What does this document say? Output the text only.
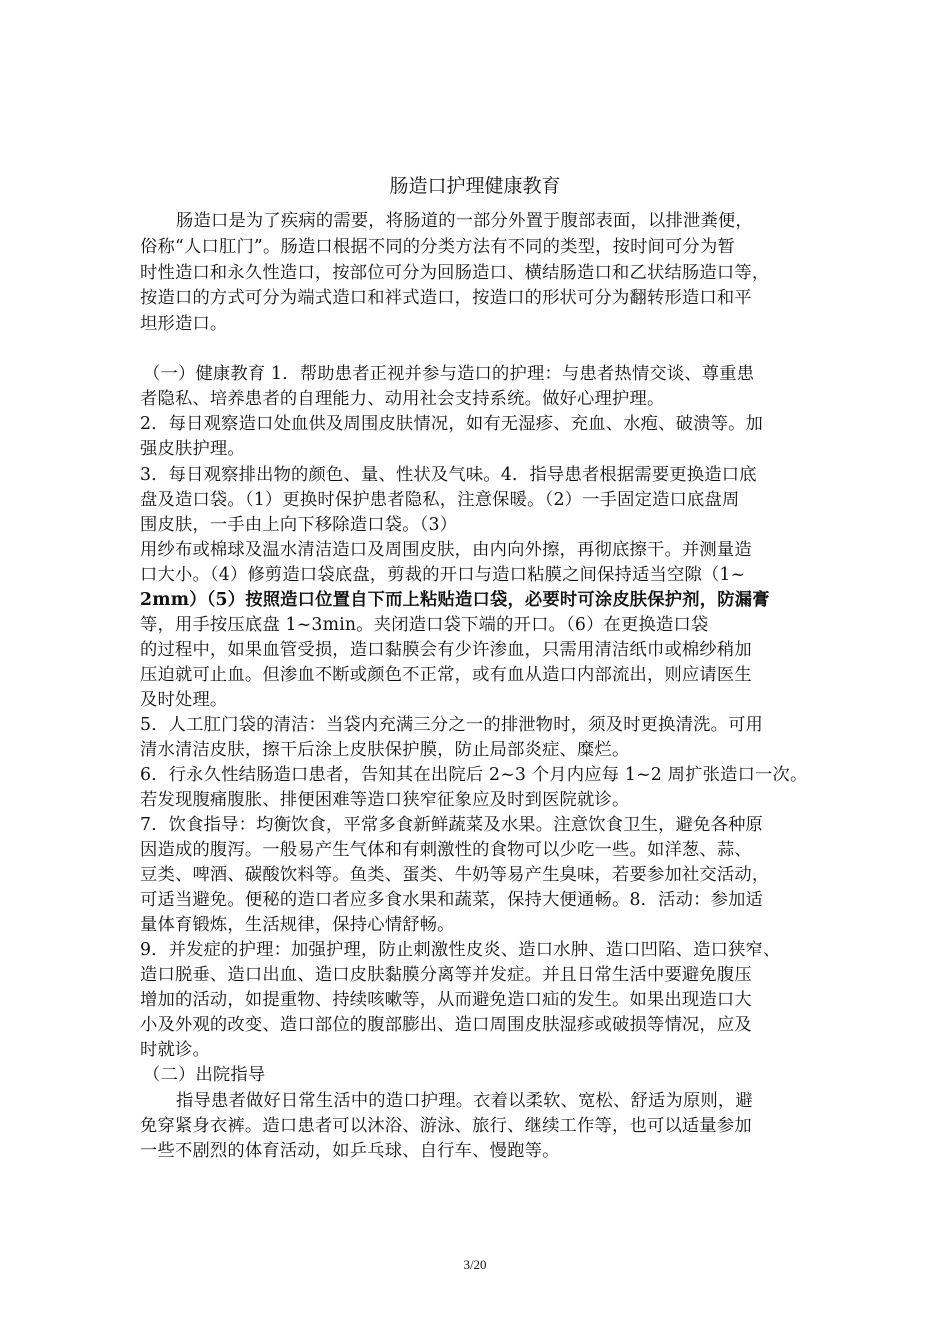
肠造口护理健康教育
肠造口是为了疾病的需要，将肠道的一部分外置于腹部表面，以排泄粪便，
俗称“人口肛门”。肠造口根据不同的分类方法有不同的类型，按时间可分为暂
时性造口和永久性造口，按部位可分为回肠造口、横结肠造口和乙状结肠造口等，
按造口的方式可分为端式造口和袢式造口，按造口的形状可分为翻转形造口和平
坦形造口。
（一）健康教育 1．帮助患者正视并参与造口的护理：与患者热情交谈、尊重患
者隐私、培养患者的自理能力、动用社会支持系统。做好心理护理。
2．每日观察造口处血供及周围皮肤情况，如有无湿疹、充血、水疱、破溃等。加
强皮肤护理。
3．每日观察排出物的颜色、量、性状及气味。4．指导患者根据需要更换造口底
盘及造口袋。（1）更换时保护患者隐私，注意保暖。（2）一手固定造口底盘周
围皮肤，一手由上向下移除造口袋。（3）
用纱布或棉球及温水清洁造口及周围皮肤，由内向外擦，再彻底擦干。并测量造
口大小。（4）修剪造口袋底盘，剪裁的开口与造口粘膜之间保持适当空隙（1~
2mm）（5）按照造口位置自下而上粘贴造口袋，必要时可涂皮肤保护剂，防漏膏
等，用手按压底盘 1~3min。夹闭造口袋下端的开口。（6）在更换造口袋
的过程中，如果血管受损，造口黏膜会有少许渗血，只需用清洁纸巾或棉纱稍加
压迫就可止血。但渗血不断或颜色不正常，或有血从造口内部流出，则应请医生
及时处理。
5．人工肛门袋的清洁：当袋内充满三分之一的排泄物时，须及时更换清洗。可用
清水清洁皮肤，擦干后涂上皮肤保护膜，防止局部炎症、糜烂。
6．行永久性结肠造口患者，告知其在出院后 2~3 个月内应每 1~2 周扩张造口一次。
若发现腹痛腹胀、排便困难等造口狭窄征象应及时到医院就诊。
7．饮食指导：均衡饮食，平常多食新鲜蔬菜及水果。注意饮食卫生，避免各种原
因造成的腹泻。一般易产生气体和有刺激性的食物可以少吃一些。如洋葱、蒜、
豆类、啤酒、碳酸饮料等。鱼类、蛋类、牛奶等易产生臭味，若要参加社交活动，
可适当避免。便秘的造口者应多食水果和蔬菜，保持大便通畅。8．活动：参加适
量体育锻炼，生活规律，保持心情舒畅。
9．并发症的护理：加强护理，防止刺激性皮炎、造口水肿、造口凹陷、造口狭窄、
造口脱垂、造口出血、造口皮肤黏膜分离等并发症。并且日常生活中要避免腹压
增加的活动，如提重物、持续咳嗽等，从而避免造口疝的发生。如果出现造口大
小及外观的改变、造口部位的腹部膨出、造口周围皮肤湿疹或破损等情况，应及
时就诊。
（二）出院指导
指导患者做好日常生活中的造口护理。衣着以柔软、宽松、舒适为原则，避
免穿紧身衣裤。造口患者可以沐浴、游泳、旅行、继续工作等，也可以适量参加
一些不剧烈的体育活动，如乒乓球、自行车、慢跑等。
3/20
